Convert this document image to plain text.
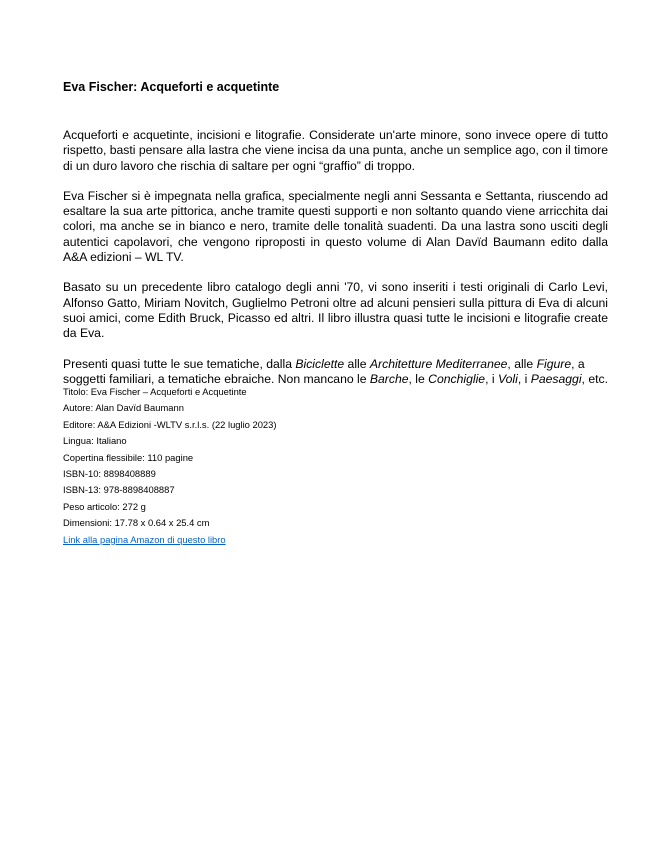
Eva Fischer: Acqueforti e acquetinte

Acqueforti e acquetinte, incisioni e litografie. Considerate un'arte minore, sono invece opere di tutto rispetto, basti pensare alla lastra che viene incisa da una punta, anche un semplice ago, con il timore di un duro lavoro che rischia di saltare per ogni “graffio” di troppo.

Eva Fischer si è impegnata nella grafica, specialmente negli anni Sessanta e Settanta, riuscendo ad esaltare la sua arte pittorica, anche tramite questi supporti e non soltanto quando viene arricchita dai colori, ma anche se in bianco e nero, tramite delle tonalità suadenti. Da una lastra sono usciti degli autentici capolavori, che vengono riproposti in questo volume di Alan Davïd Baumann edito dalla A&A edizioni – WL TV.

Basato su un precedente libro catalogo degli anni '70, vi sono inseriti i testi originali di Carlo Levi, Alfonso Gatto, Miriam Novitch, Guglielmo Petroni oltre ad alcuni pensieri sulla pittura di Eva di alcuni suoi amici, come Edith Bruck, Picasso ed altri. Il libro illustra quasi tutte le incisioni e litografie create da Eva.

Presenti quasi tutte le sue tematiche, dalla Biciclette alle Architetture Mediterranee, alle Figure, a soggetti familiari, a tematiche ebraiche. Non mancano le Barche, le Conchiglie, i Voli, i Paesaggi, etc.

Titolo: Eva Fischer – Acqueforti e Acquetinte
Autore: Alan Davïd Baumann
Editore: A&A Edizioni -WLTV s.r.l.s. (22 luglio 2023)
Lingua: Italiano
Copertina flessibile: 110 pagine
ISBN-10: 8898408889
ISBN-13: 978-8898408887
Peso articolo: 272 g
Dimensioni: 17.78 x 0.64 x 25.4 cm
Link alla pagina Amazon di questo libro
